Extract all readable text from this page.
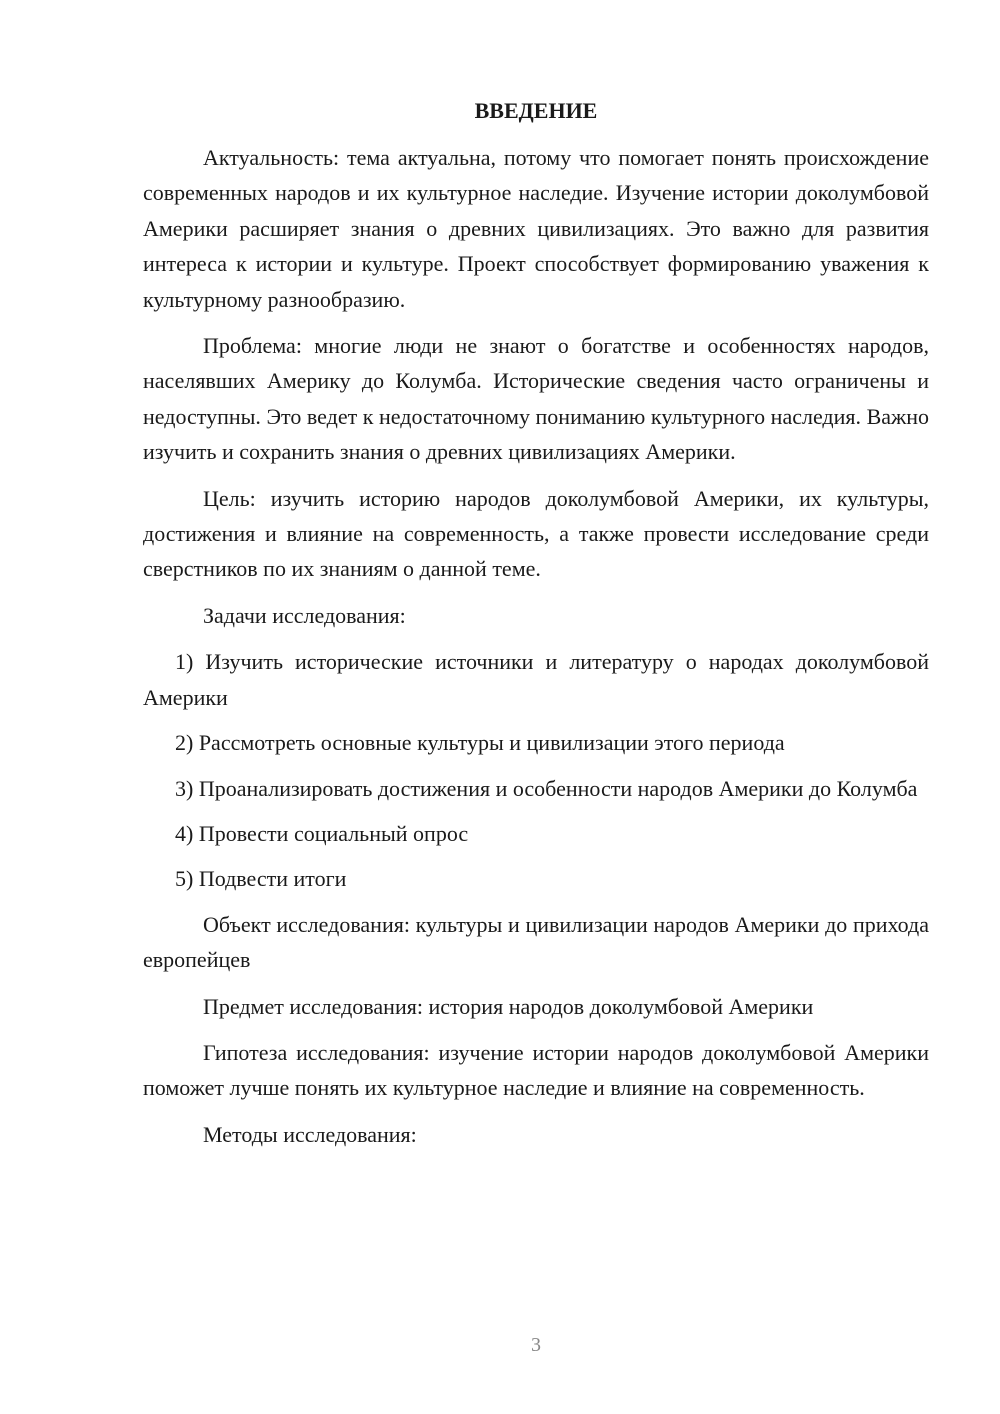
ВВЕДЕНИЕ

Актуальность: тема актуальна, потому что помогает понять происхождение современных народов и их культурное наследие. Изучение истории доколумбовой Америки расширяет знания о древних цивилизациях. Это важно для развития интереса к истории и культуре. Проект способствует формированию уважения к культурному разнообразию.

Проблема: многие люди не знают о богатстве и особенностях народов, населявших Америку до Колумба. Исторические сведения часто ограничены и недоступны. Это ведет к недостаточному пониманию культурного наследия. Важно изучить и сохранить знания о древних цивилизациях Америки.

Цель: изучить историю народов доколумбовой Америки, их культуры, достижения и влияние на современность, а также провести исследование среди сверстников по их знаниям о данной теме.

Задачи исследования:

1) Изучить исторические источники и литературу о народах доколумбовой Америки

2) Рассмотреть основные культуры и цивилизации этого периода

3) Проанализировать достижения и особенности народов Америки до Колумба

4) Провести социальный опрос

5) Подвести итоги

Объект исследования: культуры и цивилизации народов Америки до прихода европейцев

Предмет исследования: история народов доколумбовой Америки

Гипотеза исследования: изучение истории народов доколумбовой Америки поможет лучше понять их культурное наследие и влияние на современность.

Методы исследования:

3
